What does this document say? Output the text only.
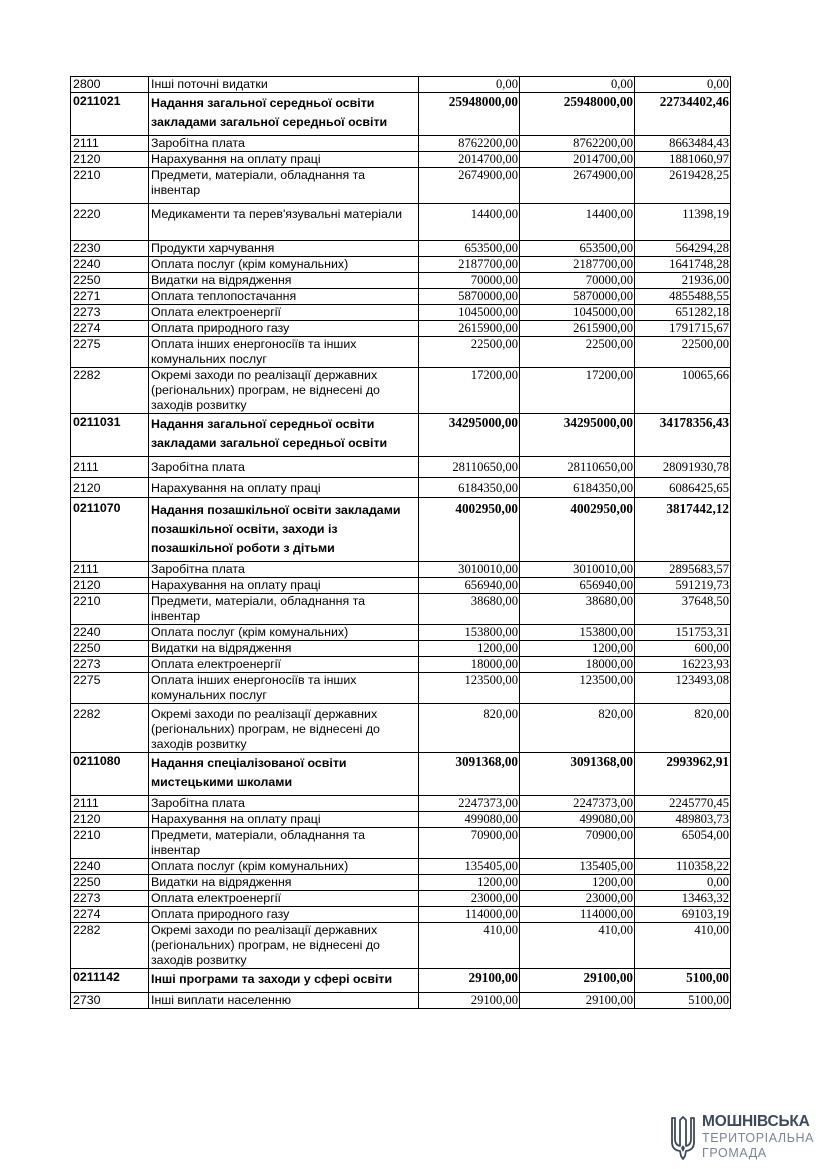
2800	Інші поточні видатки	0,00	0,00	0,00
0211021	Надання загальної середньої освіти закладами загальної середньої освіти	25948000,00	25948000,00	22734402,46
2111	Заробітна плата	8762200,00	8762200,00	8663484,43
2120	Нарахування на оплату праці	2014700,00	2014700,00	1881060,97
2210	Предмети, матеріали, обладнання та інвентар	2674900,00	2674900,00	2619428,25
2220	Медикаменти та перев'язувальні матеріали	14400,00	14400,00	11398,19
2230	Продукти харчування	653500,00	653500,00	564294,28
2240	Оплата послуг (крім комунальних)	2187700,00	2187700,00	1641748,28
2250	Видатки на відрядження	70000,00	70000,00	21936,00
2271	Оплата теплопостачання	5870000,00	5870000,00	4855488,55
2273	Оплата електроенергії	1045000,00	1045000,00	651282,18
2274	Оплата природного газу	2615900,00	2615900,00	1791715,67
2275	Оплата інших енергоносіїв та інших комунальних послуг	22500,00	22500,00	22500,00
2282	Окремі заходи по реалізації державних (регіональних) програм, не віднесені до заходів розвитку	17200,00	17200,00	10065,66
0211031	Надання загальної середньої освіти закладами загальної середньої освіти	34295000,00	34295000,00	34178356,43
2111	Заробітна плата	28110650,00	28110650,00	28091930,78
2120	Нарахування на оплату праці	6184350,00	6184350,00	6086425,65
0211070	Надання позашкільної освіти закладами позашкільної освіти, заходи із позашкільної роботи з дітьми	4002950,00	4002950,00	3817442,12
2111	Заробітна плата	3010010,00	3010010,00	2895683,57
2120	Нарахування на оплату праці	656940,00	656940,00	591219,73
2210	Предмети, матеріали, обладнання та інвентар	38680,00	38680,00	37648,50
2240	Оплата послуг (крім комунальних)	153800,00	153800,00	151753,31
2250	Видатки на відрядження	1200,00	1200,00	600,00
2273	Оплата електроенергії	18000,00	18000,00	16223,93
2275	Оплата інших енергоносіїв та інших комунальних послуг	123500,00	123500,00	123493,08
2282	Окремі заходи по реалізації державних (регіональних) програм, не віднесені до заходів розвитку	820,00	820,00	820,00
0211080	Надання спеціалізованої освіти мистецькими школами	3091368,00	3091368,00	2993962,91
2111	Заробітна плата	2247373,00	2247373,00	2245770,45
2120	Нарахування на оплату праці	499080,00	499080,00	489803,73
2210	Предмети, матеріали, обладнання та інвентар	70900,00	70900,00	65054,00
2240	Оплата послуг (крім комунальних)	135405,00	135405,00	110358,22
2250	Видатки на відрядження	1200,00	1200,00	0,00
2273	Оплата електроенергії	23000,00	23000,00	13463,32
2274	Оплата природного газу	114000,00	114000,00	69103,19
2282	Окремі заходи по реалізації державних (регіональних) програм, не віднесені до заходів розвитку	410,00	410,00	410,00
0211142	Інші програми та заходи у сфері освіти	29100,00	29100,00	5100,00
2730	Інші виплати населенню	29100,00	29100,00	5100,00
МОШНІВСЬКА
ТЕРИТОРІАЛЬНА
ГРОМАДА
